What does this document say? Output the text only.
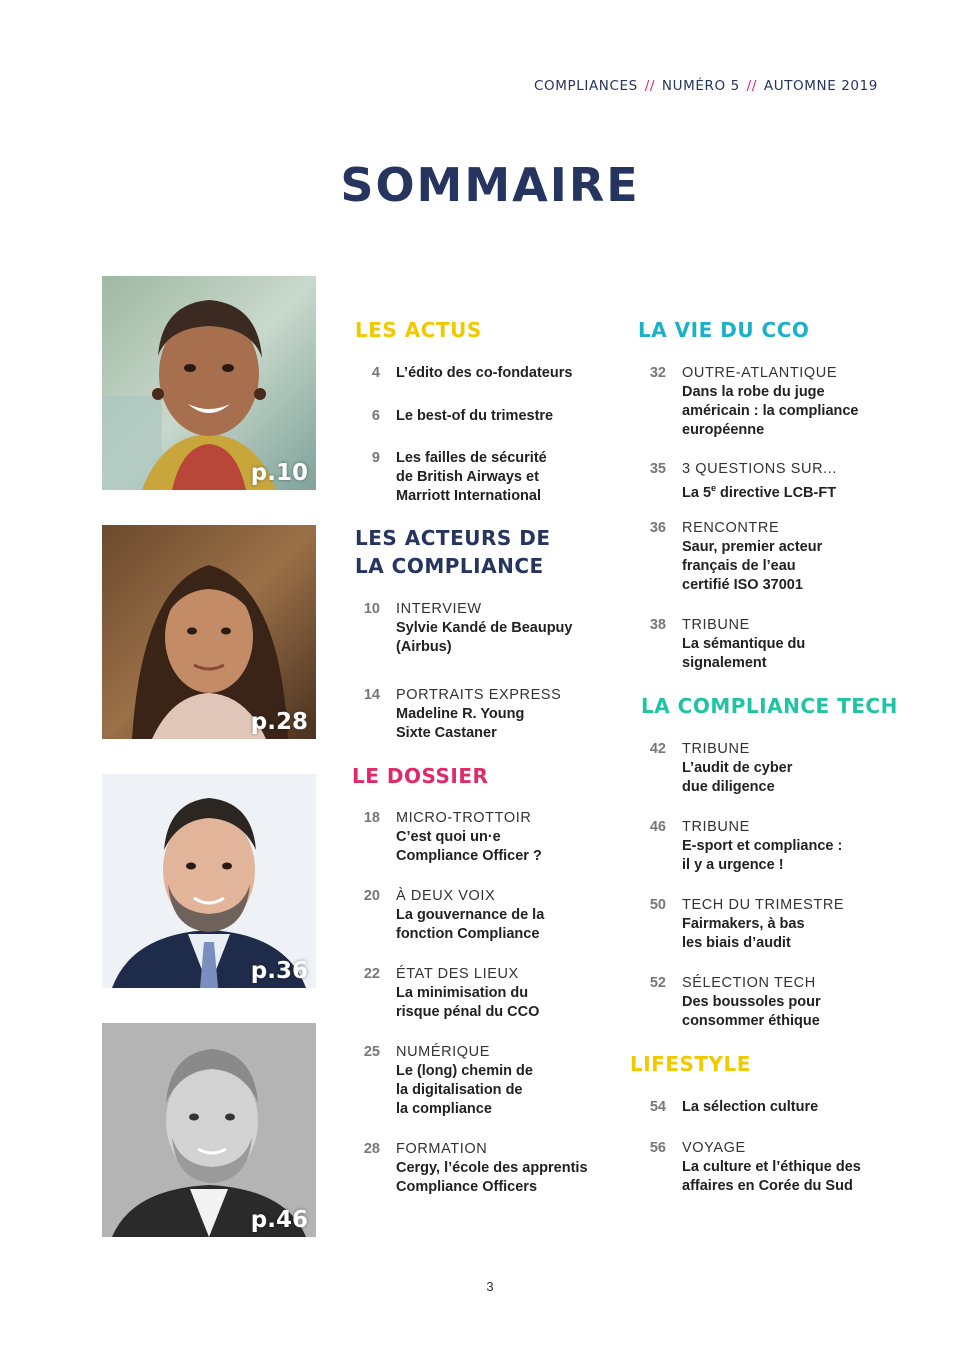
COMPLIANCES // NUMÉRO 5 // AUTOMNE 2019
SOMMAIRE
p.10
p.28
p.36
p.46
LES ACTUS
4 L’édito des co-fondateurs
6 Le best-of du trimestre
9 Les failles de sécurité
de British Airways et
Marriott International
LES ACTEURS DE
LA COMPLIANCE
10 INTERVIEW
Sylvie Kandé de Beaupuy
(Airbus)
14 PORTRAITS EXPRESS
Madeline R. Young
Sixte Castaner
LE DOSSIER
18 MICRO-TROTTOIR
C’est quoi un·e
Compliance Officer ?
20 À DEUX VOIX
La gouvernance de la
fonction Compliance
22 ÉTAT DES LIEUX
La minimisation du
risque pénal du CCO
25 NUMÉRIQUE
Le (long) chemin de
la digitalisation de
la compliance
28 FORMATION
Cergy, l’école des apprentis
Compliance Officers
LA VIE DU CCO
32 OUTRE-ATLANTIQUE
Dans la robe du juge
américain : la compliance
européenne
35 3 QUESTIONS SUR...
La 5e directive LCB-FT
36 RENCONTRE
Saur, premier acteur
français de l’eau
certifié ISO 37001
38 TRIBUNE
La sémantique du
signalement
LA COMPLIANCE TECH
42 TRIBUNE
L’audit de cyber
due diligence
46 TRIBUNE
E-sport et compliance :
il y a urgence !
50 TECH DU TRIMESTRE
Fairmakers, à bas
les biais d’audit
52 SÉLECTION TECH
Des boussoles pour
consommer éthique
LIFESTYLE
54 La sélection culture
56 VOYAGE
La culture et l’éthique des
affaires en Corée du Sud
3
